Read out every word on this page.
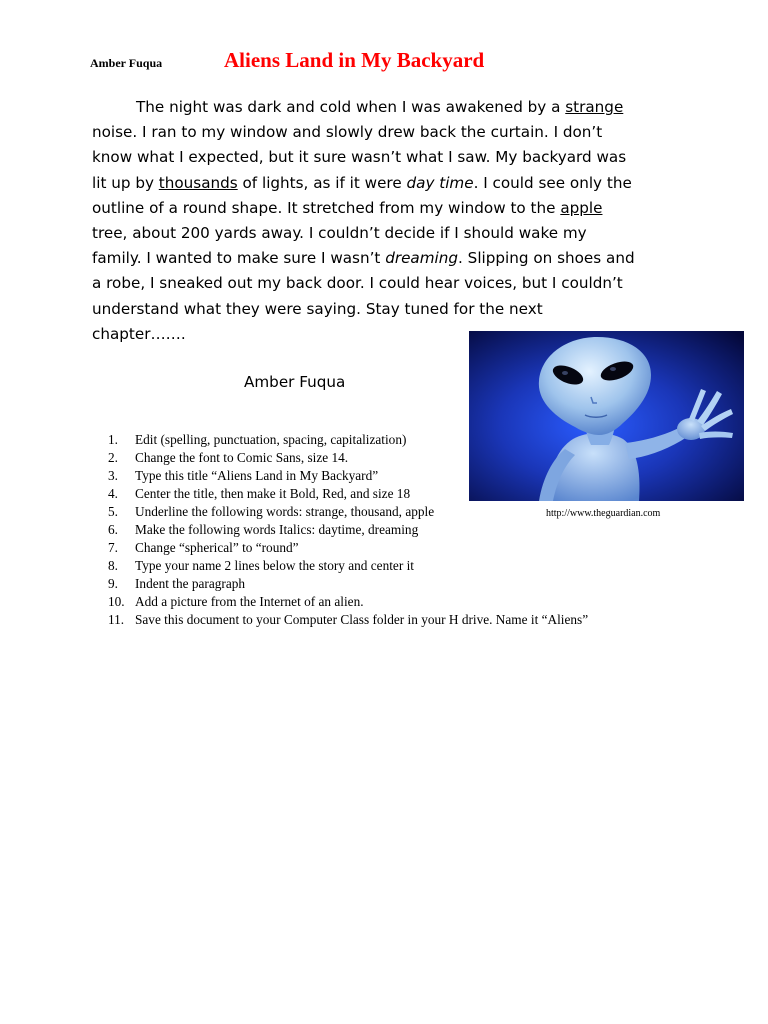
Amber Fuqua	Aliens Land in My Backyard
The night was dark and cold when I was awakened by a strange
noise. I ran to my window and slowly drew back the curtain. I don’t
know what I expected, but it sure wasn’t what I saw. My backyard was
lit up by thousands of lights, as if it were day time. I could see only the
outline of a round shape. It stretched from my window to the apple
tree, about 200 yards away. I couldn’t decide if I should wake my
family. I wanted to make sure I wasn’t dreaming. Slipping on shoes and
a robe, I sneaked out my back door. I could hear voices, but I couldn’t
understand what they were saying. Stay tuned for the next
chapter…….
Amber Fuqua
http://www.theguardian.com
1.	Edit (spelling, punctuation, spacing, capitalization)
2.	Change the font to Comic Sans, size 14.
3.	Type this title “Aliens Land in My Backyard”
4.	Center the title, then make it Bold, Red, and size 18
5.	Underline the following words: strange, thousand, apple
6.	Make the following words Italics: daytime, dreaming
7.	Change “spherical” to “round”
8.	Type your name 2 lines below the story and center it
9.	Indent the paragraph
10. Add a picture from the Internet of an alien.
11. Save this document to your Computer Class folder in your H drive. Name it “Aliens”
